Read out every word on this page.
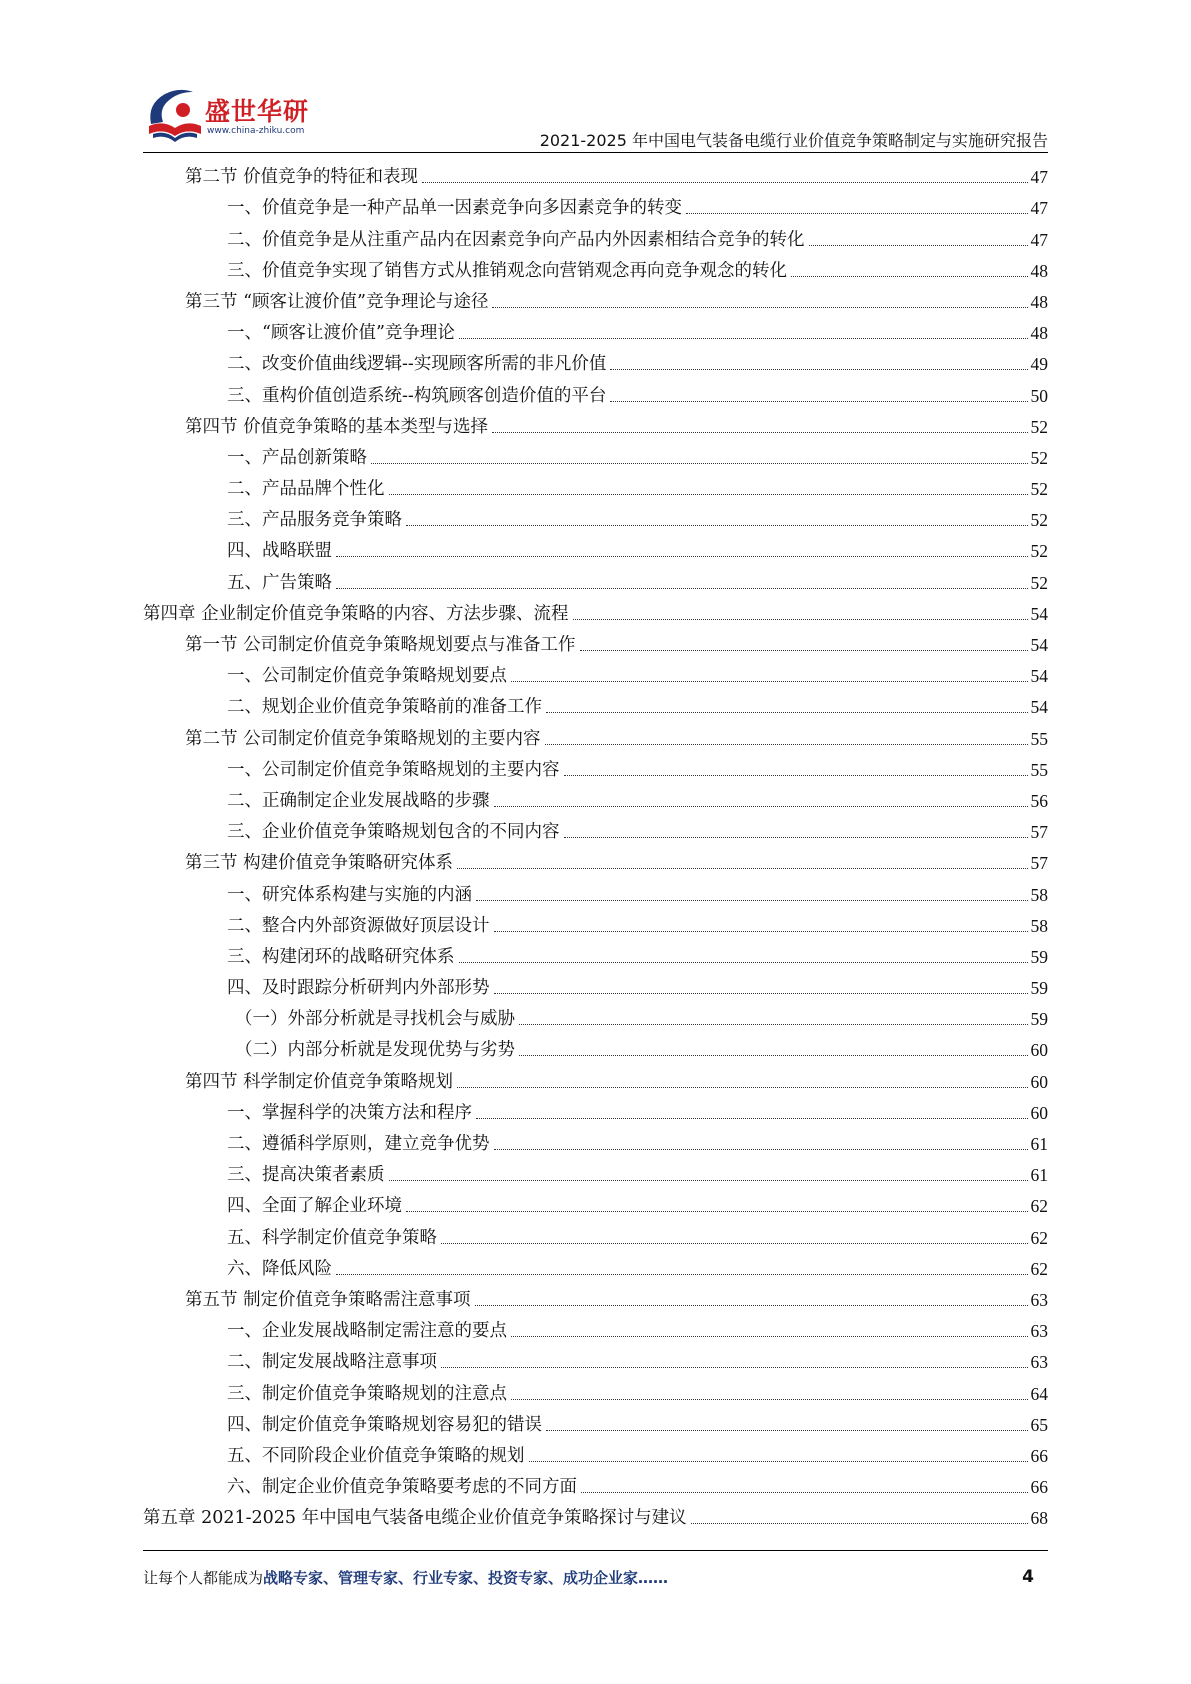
盛世华研
www.china-zhiku.com	2021-2025 年中国电气装备电缆行业价值竞争策略制定与实施研究报告
第二节 价值竞争的特征和表现	47
一、价值竞争是一种产品单一因素竞争向多因素竞争的转变	47
二、价值竞争是从注重产品内在因素竞争向产品内外因素相结合竞争的转化	47
三、价值竞争实现了销售方式从推销观念向营销观念再向竞争观念的转化	48
第三节 “顾客让渡价值”竞争理论与途径	48
一、“顾客让渡价值”竞争理论	48
二、改变价值曲线逻辑--实现顾客所需的非凡价值	49
三、重构价值创造系统--构筑顾客创造价值的平台	50
第四节 价值竞争策略的基本类型与选择	52
一、产品创新策略	52
二、产品品牌个性化	52
三、产品服务竞争策略	52
四、战略联盟	52
五、广告策略	52
第四章 企业制定价值竞争策略的内容、方法步骤、流程	54
第一节 公司制定价值竞争策略规划要点与准备工作	54
一、公司制定价值竞争策略规划要点	54
二、规划企业价值竞争策略前的准备工作	54
第二节 公司制定价值竞争策略规划的主要内容	55
一、公司制定价值竞争策略规划的主要内容	55
二、正确制定企业发展战略的步骤	56
三、企业价值竞争策略规划包含的不同内容	57
第三节 构建价值竞争策略研究体系	57
一、研究体系构建与实施的内涵	58
二、整合内外部资源做好顶层设计	58
三、构建闭环的战略研究体系	59
四、及时跟踪分析研判内外部形势	59
（一）外部分析就是寻找机会与威胁	59
（二）内部分析就是发现优势与劣势	60
第四节 科学制定价值竞争策略规划	60
一、掌握科学的决策方法和程序	60
二、遵循科学原则，建立竞争优势	61
三、提高决策者素质	61
四、全面了解企业环境	62
五、科学制定价值竞争策略	62
六、降低风险	62
第五节 制定价值竞争策略需注意事项	63
一、企业发展战略制定需注意的要点	63
二、制定发展战略注意事项	63
三、制定价值竞争策略规划的注意点	64
四、制定价值竞争策略规划容易犯的错误	65
五、不同阶段企业价值竞争策略的规划	66
六、制定企业价值竞争策略要考虑的不同方面	66
第五章 2021-2025 年中国电气装备电缆企业价值竞争策略探讨与建议	68
让每个人都能成为战略专家、管理专家、行业专家、投资专家、成功企业家……	4
